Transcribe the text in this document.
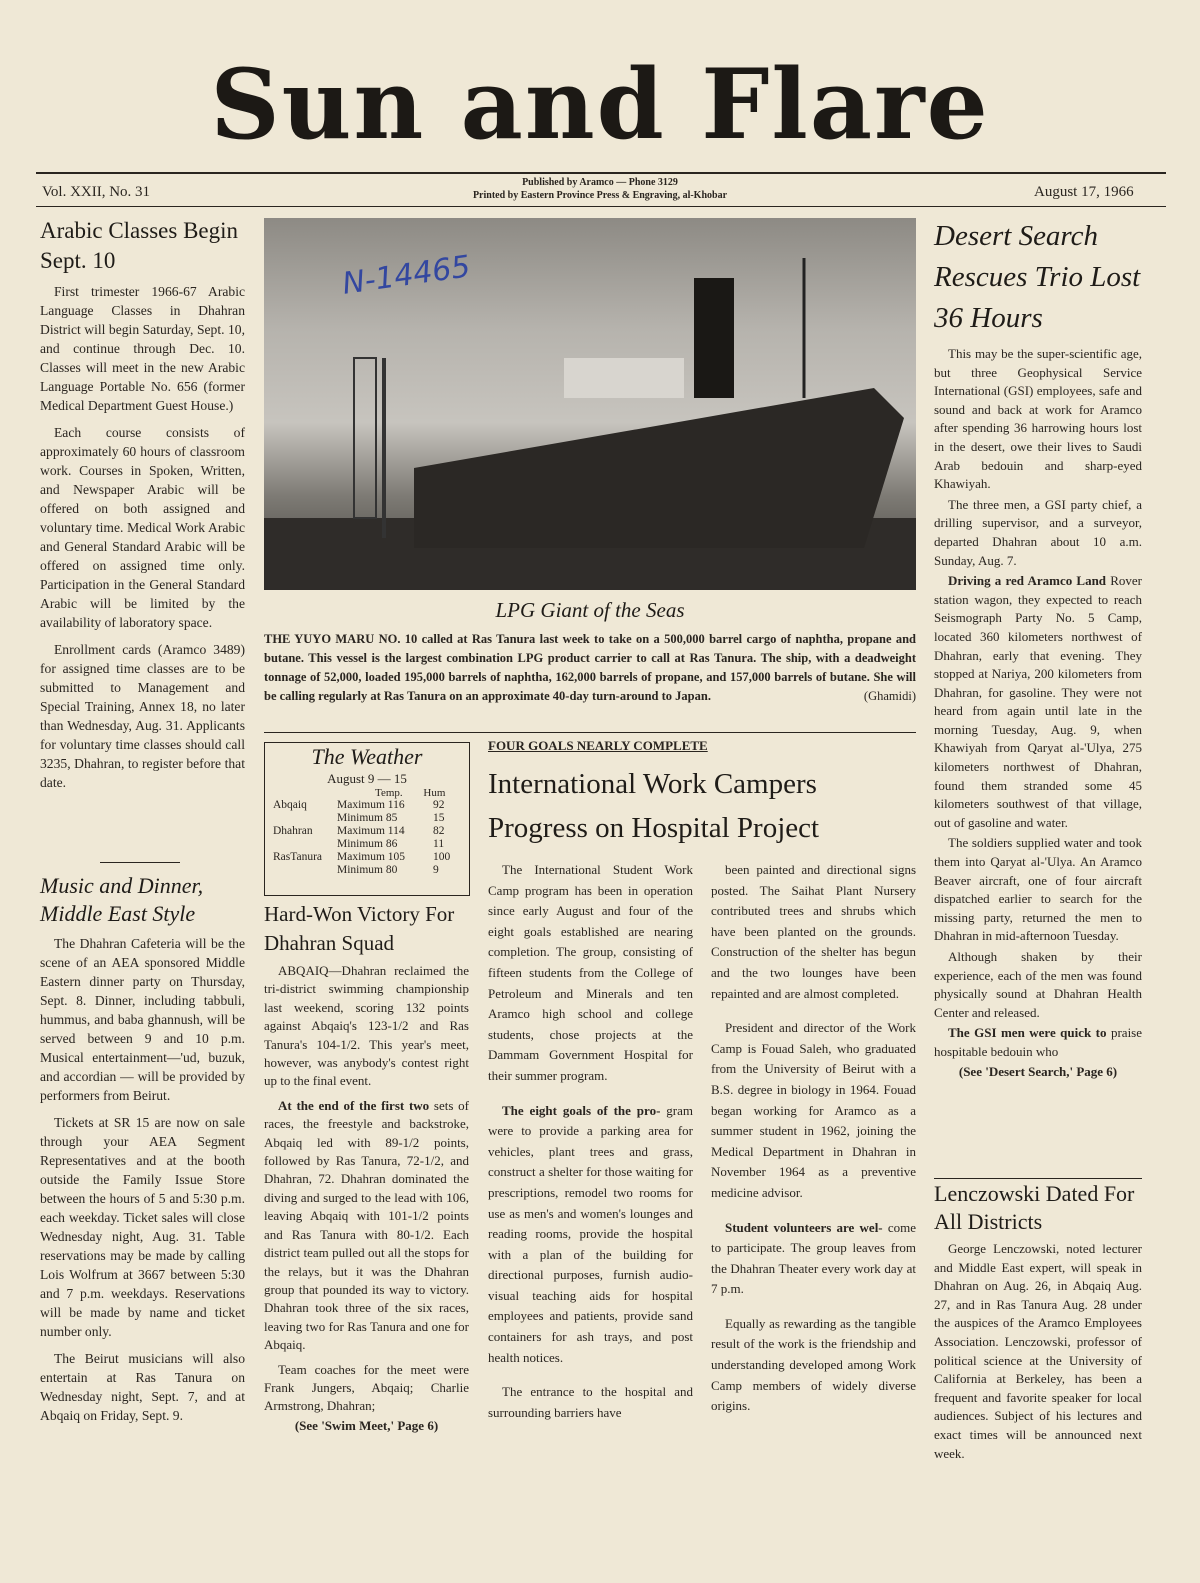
Sun and Flare
Vol. XXII, No. 31
Published by Aramco — Phone 3129
Printed by Eastern Province Press & Engraving, al-Khobar	August 17, 1966
Arabic Classes Begin Sept. 10

First trimester 1966-67 Arabic Language Classes in Dhahran District will begin Saturday, Sept. 10, and continue through Dec. 10. Classes will meet in the new Arabic Language Portable No. 656 (former Medical Department Guest House.)

Each course consists of approximately 60 hours of classroom work. Courses in Spoken, Written, and Newspaper Arabic will be offered on both assigned and voluntary time. Medical Work Arabic and General Standard Arabic will be offered on assigned time only. Participation in the General Standard Arabic will be limited by the availability of laboratory space.

Enrollment cards (Aramco 3489) for assigned time classes are to be submitted to Management and Special Training, Annex 18, no later than Wednesday, Aug. 31. Applicants for voluntary time classes should call 3235, Dhahran, to register before that date.

Music and Dinner, Middle East Style

The Dhahran Cafeteria will be the scene of an AEA sponsored Middle Eastern dinner party on Thursday, Sept. 8. Dinner, including tabbuli, hummus, and baba ghannush, will be served between 9 and 10 p.m. Musical entertainment—'ud, buzuk, and accordian — will be provided by performers from Beirut.

Tickets at SR 15 are now on sale through your AEA Segment Representatives and at the booth outside the Family Issue Store between the hours of 5 and 5:30 p.m. each weekday. Ticket sales will close Wednesday night, Aug. 31. Table reservations may be made by calling Lois Wolfrum at 3667 between 5:30 and 7 p.m. weekdays. Reservations will be made by name and ticket number only.

The Beirut musicians will also entertain at Ras Tanura on Wednesday night, Sept. 7, and at Abqaiq on Friday, Sept. 9.

N-14465
LPG Giant of the Seas
THE YUYO MARU NO. 10 called at Ras Tanura last week to take on a 500,000 barrel cargo of naphtha, propane and butane. This vessel is the largest combination LPG product carrier to call at Ras Tanura. The ship, with a deadweight tonnage of 52,000, loaded 195,000 barrels of naphtha, 162,000 barrels of propane, and 157,000 barrels of butane. She will be calling regularly at Ras Tanura on an approximate 40-day turn-around to Japan.	(Ghamidi)
The Weather
August 9 — 15
Temp. Hum
Abqaiq	Maximum 116	92
	Minimum 85	15
Dhahran	Maximum 114	82
	Minimum 86	11
RasTanura	Maximum 105	100
	Minimum 80	9
Hard-Won Victory For Dhahran Squad

ABQAIQ—Dhahran reclaimed the tri-district swimming championship last weekend, scoring 132 points against Abqaiq's 123-1/2 and Ras Tanura's 104-1/2. This year's meet, however, was anybody's contest right up to the final event.

At the end of the first two sets of races, the freestyle and backstroke, Abqaiq led with 89-1/2 points, followed by Ras Tanura, 72-1/2, and Dhahran, 72. Dhahran dominated the diving and surged to the lead with 106, leaving Abqaiq with 101-1/2 points and Ras Tanura with 80-1/2. Each district team pulled out all the stops for the relays, but it was the Dhahran group that pounded its way to victory. Dhahran took three of the six races, leaving two for Ras Tanura and one for Abqaiq.

Team coaches for the meet were Frank Jungers, Abqaiq; Charlie Armstrong, Dhahran;

(See 'Swim Meet,' Page 6)
FOUR GOALS NEARLY COMPLETE
International Work Campers
Progress on Hospital Project

The International Student Work Camp program has been in operation since early August and four of the eight goals established are nearing completion. The group, consisting of fifteen students from the College of Petroleum and Minerals and ten Aramco high school and college students, chose projects at the Dammam Government Hospital for their summer program.

The eight goals of the pro- gram were to provide a parking area for vehicles, plant trees and grass, construct a shelter for those waiting for prescriptions, remodel two rooms for use as men's and women's lounges and reading rooms, provide the hospital with a plan of the building for directional purposes, furnish audio-visual teaching aids for hospital employees and patients, provide sand containers for ash trays, and post health notices.

The entrance to the hospital and surrounding barriers have

been painted and directional signs posted. The Saihat Plant Nursery contributed trees and shrubs which have been planted on the grounds. Construction of the shelter has begun and the two lounges have been repainted and are almost completed.

President and director of the Work Camp is Fouad Saleh, who graduated from the University of Beirut with a B.S. degree in biology in 1964. Fouad began working for Aramco as a summer student in 1962, joining the Medical Department in Dhahran in November 1964 as a preventive medicine advisor.

Student volunteers are wel- come to participate. The group leaves from the Dhahran Theater every work day at 7 p.m.

Equally as rewarding as the tangible result of the work is the friendship and understanding developed among Work Camp members of widely diverse origins.

Desert Search Rescues Trio Lost 36 Hours

This may be the super-scientific age, but three Geophysical Service International (GSI) employees, safe and sound and back at work for Aramco after spending 36 harrowing hours lost in the desert, owe their lives to Saudi Arab bedouin and sharp-eyed Khawiyah.

The three men, a GSI party chief, a drilling supervisor, and a surveyor, departed Dhahran about 10 a.m. Sunday, Aug. 7.

Driving a red Aramco Land Rover station wagon, they expected to reach Seismograph Party No. 5 Camp, located 360 kilometers northwest of Dhahran, early that evening. They stopped at Nariya, 200 kilometers from Dhahran, for gasoline. They were not heard from again until late in the morning Tuesday, Aug. 9, when Khawiyah from Qaryat al-'Ulya, 275 kilometers northwest of Dhahran, found them stranded some 45 kilometers southwest of that village, out of gasoline and water.

The soldiers supplied water and took them into Qaryat al-'Ulya. An Aramco Beaver aircraft, one of four aircraft dispatched earlier to search for the missing party, returned the men to Dhahran in mid-afternoon Tuesday.

Although shaken by their experience, each of the men was found physically sound at Dhahran Health Center and released.

The GSI men were quick to praise hospitable bedouin who

(See 'Desert Search,' Page 6)
Lenczowski Dated For All Districts

George Lenczowski, noted lecturer and Middle East expert, will speak in Dhahran on Aug. 26, in Abqaiq Aug. 27, and in Ras Tanura Aug. 28 under the auspices of the Aramco Employees Association. Lenczowski, professor of political science at the University of California at Berkeley, has been a frequent and favorite speaker for local audiences. Subject of his lectures and exact times will be announced next week.
